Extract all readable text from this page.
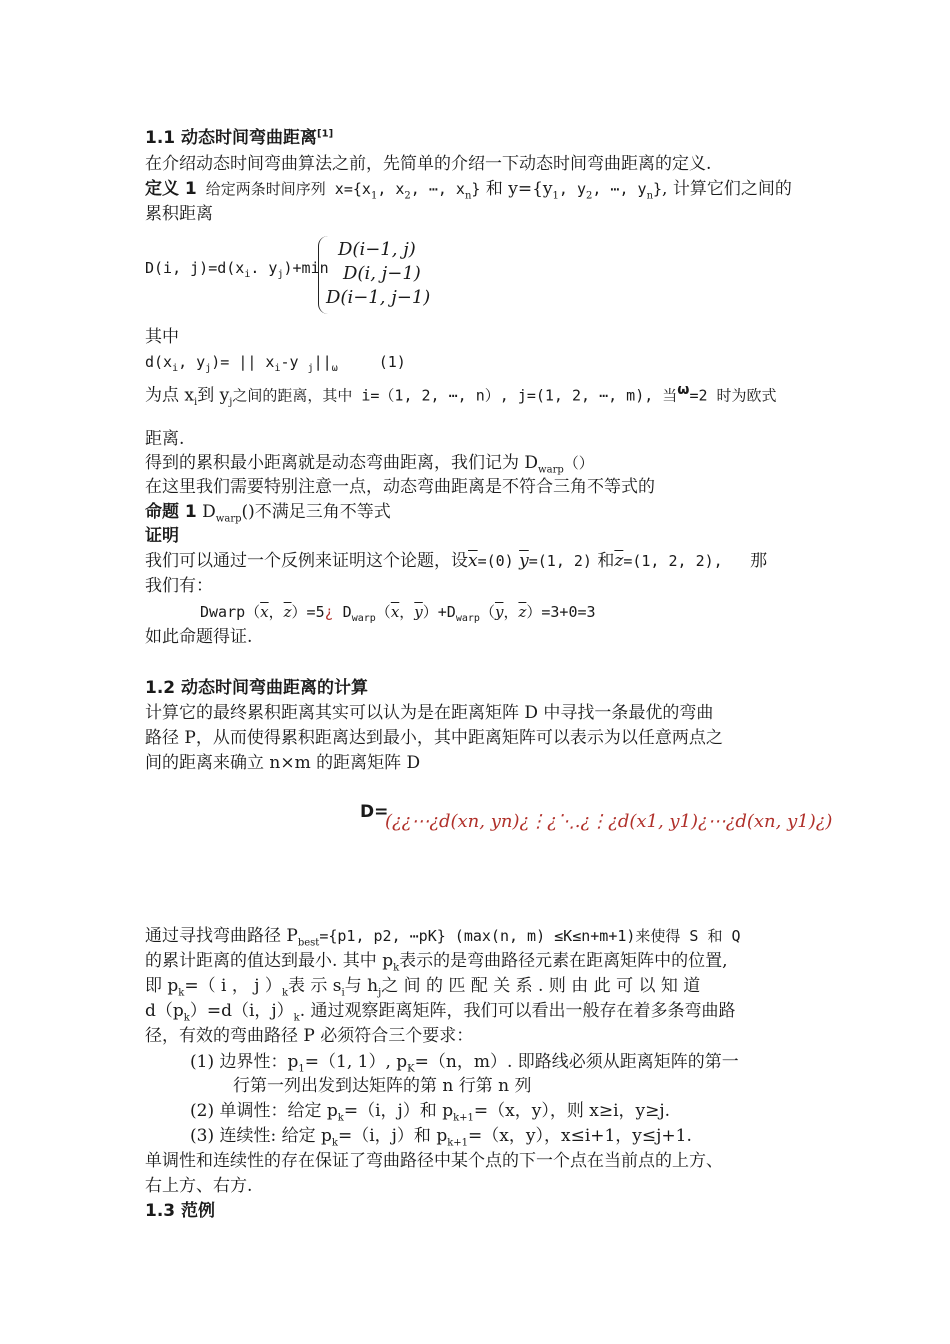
1.1 动态时间弯曲距离[1]
在介绍动态时间弯曲算法之前，先简单的介绍一下动态时间弯曲距离的定义.
定义 1 给定两条时间序列 $x=\{x_1$, $x_2$, ⋯, $x_n$} 和 $y=\{y_1$, $y_2$, ⋯, $y_n$}, 计算它们之间的
累积距离
D(i, $j)=d(x_i$. $y_j)+\min$
D(i−1, j)
D(i, j−1)
D(i−1, j−1)
其中
$d(x_i$, $y_j)=$ || $x_i-y$ $_j||_\omega$	(1)
为点 $x_i$到 $y_j$之间的距离，其中 i=（1, 2, ⋯, n）, j=(1, 2, ⋯, m), 当$^\omega$=2 时为欧式
距离.
得到的累积最小距离就是动态弯曲距离，我们记为 $D_{warp}()$
在这里我们需要特别注意一点，动态弯曲距离是不符合三角不等式的
命题 1 $D_{warp}()$不满足三角不等式
证明
我们可以通过一个反例来证明这个论题，设$\overline{x}=(0)$ $\overline{y}=(1$, 2) 和$\overline{z}=(1$, 2, 2), 那
我们有：
$Dwarp(\overline{x}$，$\overline{z})=5¿$ $D_{warp}(\overline{x}$，$\overline{y})+D_{warp}(\overline{y}$，$\overline{z})=3+0=3$
如此命题得证.
1.2 动态时间弯曲距离的计算
计算它的最终累积距离其实可以认为是在距离矩阵 D 中寻找一条最优的弯曲
路径 P，从而使得累积距离达到最小，其中距离矩阵可以表示为以任意两点之
间的距离来确立 n×m 的距离矩阵 D
D=
(¿¿⋯¿d(xn, yn)¿⋮¿⋱.¿⋮¿d(x1, y1)¿⋯¿d(xn, y1)¿)
通过寻找弯曲路径 $P_{best}=\{p1$, p2, ⋯pK} (max(n, m) ≤K≤n+m+1)来使得 S 和 Q
的累计距离的值达到最小. 其中 $p_k$表示的是弯曲路径元素在距离矩阵中的位置,
即 $p_k=$（ i ， j ）$_k$表 示 $s_i$与 $h_j$之 间 的 匹 配 关 系 . 则 由 此 可 以 知 道
$d(p_k)=d(i$，$j)_k$. 通过观察距离矩阵，我们可以看出一般存在着多条弯曲路
径，有效的弯曲路径 P 必须符合三个要求：
(1) 边界性：$p_1=(1$, 1）, $p_K=(n$，m）. 即路线必须从距离矩阵的第一
行第一列出发到达矩阵的第 n 行第 n 列
(2) 单调性：给定 $p_k=(i$，j）和 $p_{k+1}=(x$，y），则 x≥i，y≥j.
(3) 连续性: 给定 $p_k=(i$，j）和 $p_{k+1}=(x$，y），x≤i+1，y≤j+1.
单调性和连续性的存在保证了弯曲路径中某个点的下一个点在当前点的上方、
右上方、右方.
1.3 范例
